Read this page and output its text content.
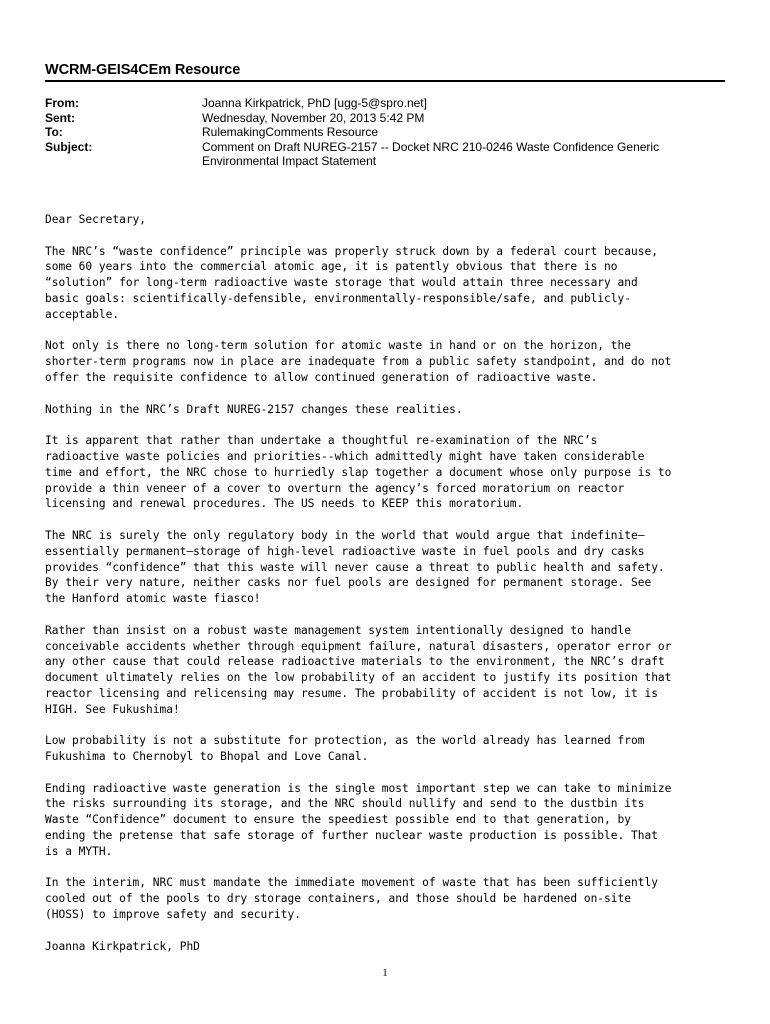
WCRM-GEIS4CEm Resource
From:	Joanna Kirkpatrick, PhD [ugg-5@spro.net]
Sent:	Wednesday, November 20, 2013 5:42 PM
To:	RulemakingComments Resource
Subject:	Comment on Draft NUREG-2157 -- Docket NRC 210-0246 Waste Confidence Generic Environmental Impact Statement

Dear Secretary,

The NRC’s “waste confidence” principle was properly struck down by a federal court because,
some 60 years into the commercial atomic age, it is patently obvious that there is no
“solution” for long-term radioactive waste storage that would attain three necessary and
basic goals: scientifically-defensible, environmentally-responsible/safe, and publicly-
acceptable.

Not only is there no long-term solution for atomic waste in hand or on the horizon, the
shorter-term programs now in place are inadequate from a public safety standpoint, and do not
offer the requisite confidence to allow continued generation of radioactive waste.

Nothing in the NRC’s Draft NUREG-2157 changes these realities.

It is apparent that rather than undertake a thoughtful re-examination of the NRC’s
radioactive waste policies and priorities--which admittedly might have taken considerable
time and effort, the NRC chose to hurriedly slap together a document whose only purpose is to
provide a thin veneer of a cover to overturn the agency’s forced moratorium on reactor
licensing and renewal procedures. The US needs to KEEP this moratorium.

The NRC is surely the only regulatory body in the world that would argue that indefinite—
essentially permanent—storage of high-level radioactive waste in fuel pools and dry casks
provides “confidence” that this waste will never cause a threat to public health and safety.
By their very nature, neither casks nor fuel pools are designed for permanent storage. See
the Hanford atomic waste fiasco!

Rather than insist on a robust waste management system intentionally designed to handle
conceivable accidents whether through equipment failure, natural disasters, operator error or
any other cause that could release radioactive materials to the environment, the NRC’s draft
document ultimately relies on the low probability of an accident to justify its position that
reactor licensing and relicensing may resume. The probability of accident is not low, it is
HIGH. See Fukushima!

Low probability is not a substitute for protection, as the world already has learned from
Fukushima to Chernobyl to Bhopal and Love Canal.

Ending radioactive waste generation is the single most important step we can take to minimize
the risks surrounding its storage, and the NRC should nullify and send to the dustbin its
Waste “Confidence” document to ensure the speediest possible end to that generation, by
ending the pretense that safe storage of further nuclear waste production is possible. That
is a MYTH.

In the interim, NRC must mandate the immediate movement of waste that has been sufficiently
cooled out of the pools to dry storage containers, and those should be hardened on-site
(HOSS) to improve safety and security.

Joanna Kirkpatrick, PhD

1
